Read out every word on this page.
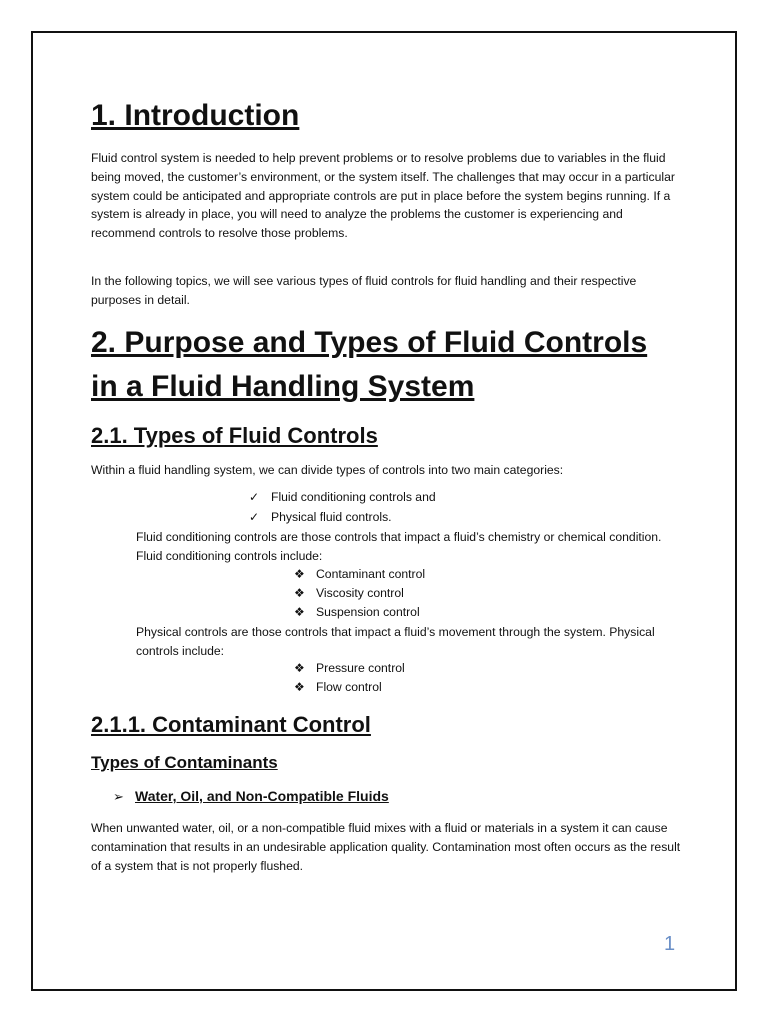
1. Introduction

Fluid control system is needed to help prevent problems or to resolve problems due to variables in the fluid being moved, the customer’s environment, or the system itself. The challenges that may occur in a particular system could be anticipated and appropriate controls are put in place before the system begins running. If a system is already in place, you will need to analyze the problems the customer is experiencing and recommend controls to resolve those problems.

In the following topics, we will see various types of fluid controls for fluid handling and their respective purposes in detail.

2. Purpose and Types of Fluid Controls
in a Fluid Handling System
2.1. Types of Fluid Controls

Within a fluid handling system, we can divide types of controls into two main categories:

✓ Fluid conditioning controls and
✓ Physical fluid controls.

Fluid conditioning controls are those controls that impact a fluid’s chemistry or chemical condition. Fluid conditioning controls include:

❖ Contaminant control
❖ Viscosity control
❖ Suspension control

Physical controls are those controls that impact a fluid’s movement through the system. Physical controls include:

❖ Pressure control
❖ Flow control
2.1.1. Contaminant Control
Types of Contaminants
➢ Water, Oil, and Non-Compatible Fluids

When unwanted water, oil, or a non-compatible fluid mixes with a fluid or materials in a system it can cause contamination that results in an undesirable application quality. Contamination most often occurs as the result of a system that is not properly flushed.

1
